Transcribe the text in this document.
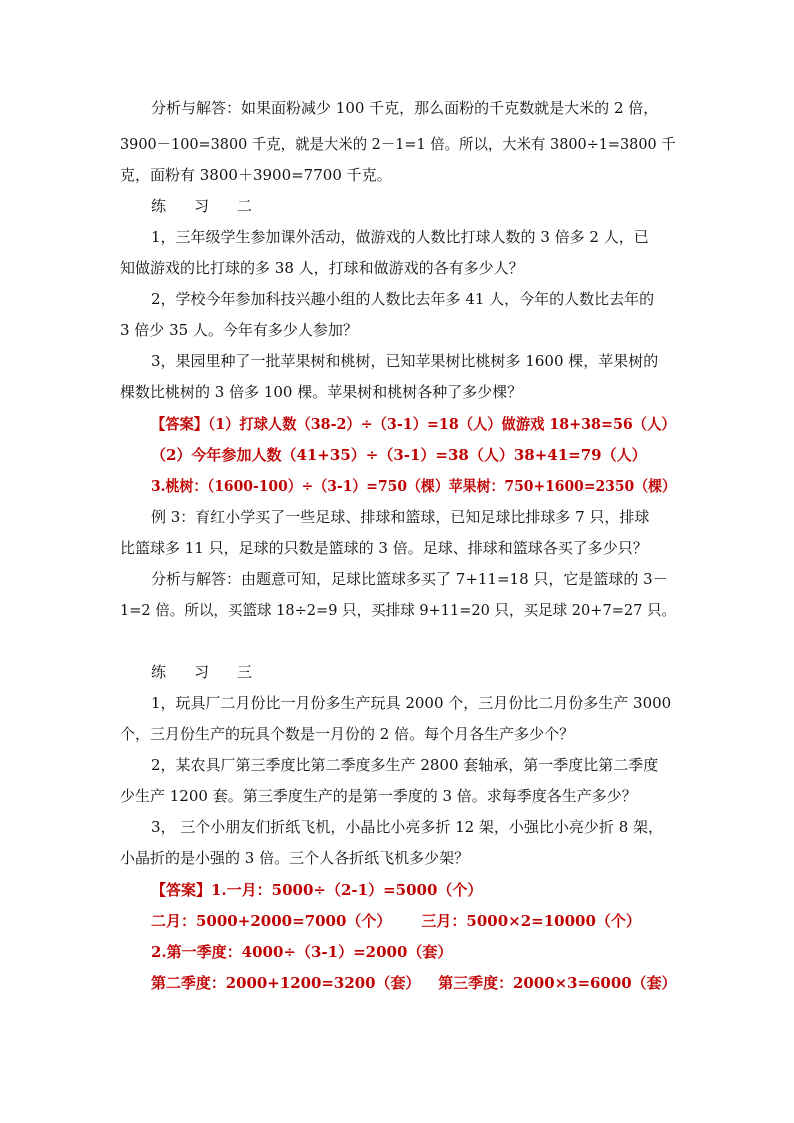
分析与解答：如果面粉减少 100 千克，那么面粉的千克数就是大米的 2 倍，
3900－100=3800 千克，就是大米的 2－1=1 倍。所以，大米有 3800÷1=3800 千
克，面粉有 3800＋3900=7700 千克。
练 习 二
1，三年级学生参加课外活动，做游戏的人数比打球人数的 3 倍多 2 人，已
知做游戏的比打球的多 38 人，打球和做游戏的各有多少人？
2，学校今年参加科技兴趣小组的人数比去年多 41 人，今年的人数比去年的
3 倍少 35 人。今年有多少人参加？
3，果园里种了一批苹果树和桃树，已知苹果树比桃树多 1600 棵，苹果树的
棵数比桃树的 3 倍多 100 棵。苹果树和桃树各种了多少棵？
【答案】（1）打球人数（38-2）÷（3-1）=18（人）做游戏 18+38=56（人）
（2）今年参加人数（41+35）÷（3-1）=38（人）38+41=79（人）
3.桃树：（1600-100）÷（3-1）=750（棵）苹果树：750+1600=2350（棵）
例 3：育红小学买了一些足球、排球和篮球，已知足球比排球多 7 只，排球
比篮球多 11 只，足球的只数是篮球的 3 倍。足球、排球和篮球各买了多少只？
分析与解答：由题意可知，足球比篮球多买了 7+11=18 只，它是篮球的 3－
1=2 倍。所以，买篮球 18÷2=9 只，买排球 9+11=20 只，买足球 20+7=27 只。
练 习 三
1，玩具厂二月份比一月份多生产玩具 2000 个，三月份比二月份多生产 3000
个，三月份生产的玩具个数是一月份的 2 倍。每个月各生产多少个？
2，某农具厂第三季度比第二季度多生产 2800 套轴承，第一季度比第二季度
少生产 1200 套。第三季度生产的是第一季度的 3 倍。求每季度各生产多少？
3， 三个小朋友们折纸飞机，小晶比小亮多折 12 架，小强比小亮少折 8 架，
小晶折的是小强的 3 倍。三个人各折纸飞机多少架？
【答案】1.一月：5000÷（2-1）=5000（个）
二月：5000+2000=7000（个） 三月：5000×2=10000（个）
2.第一季度：4000÷（3-1）=2000（套）
第二季度：2000+1200=3200（套） 第三季度：2000×3=6000（套）
